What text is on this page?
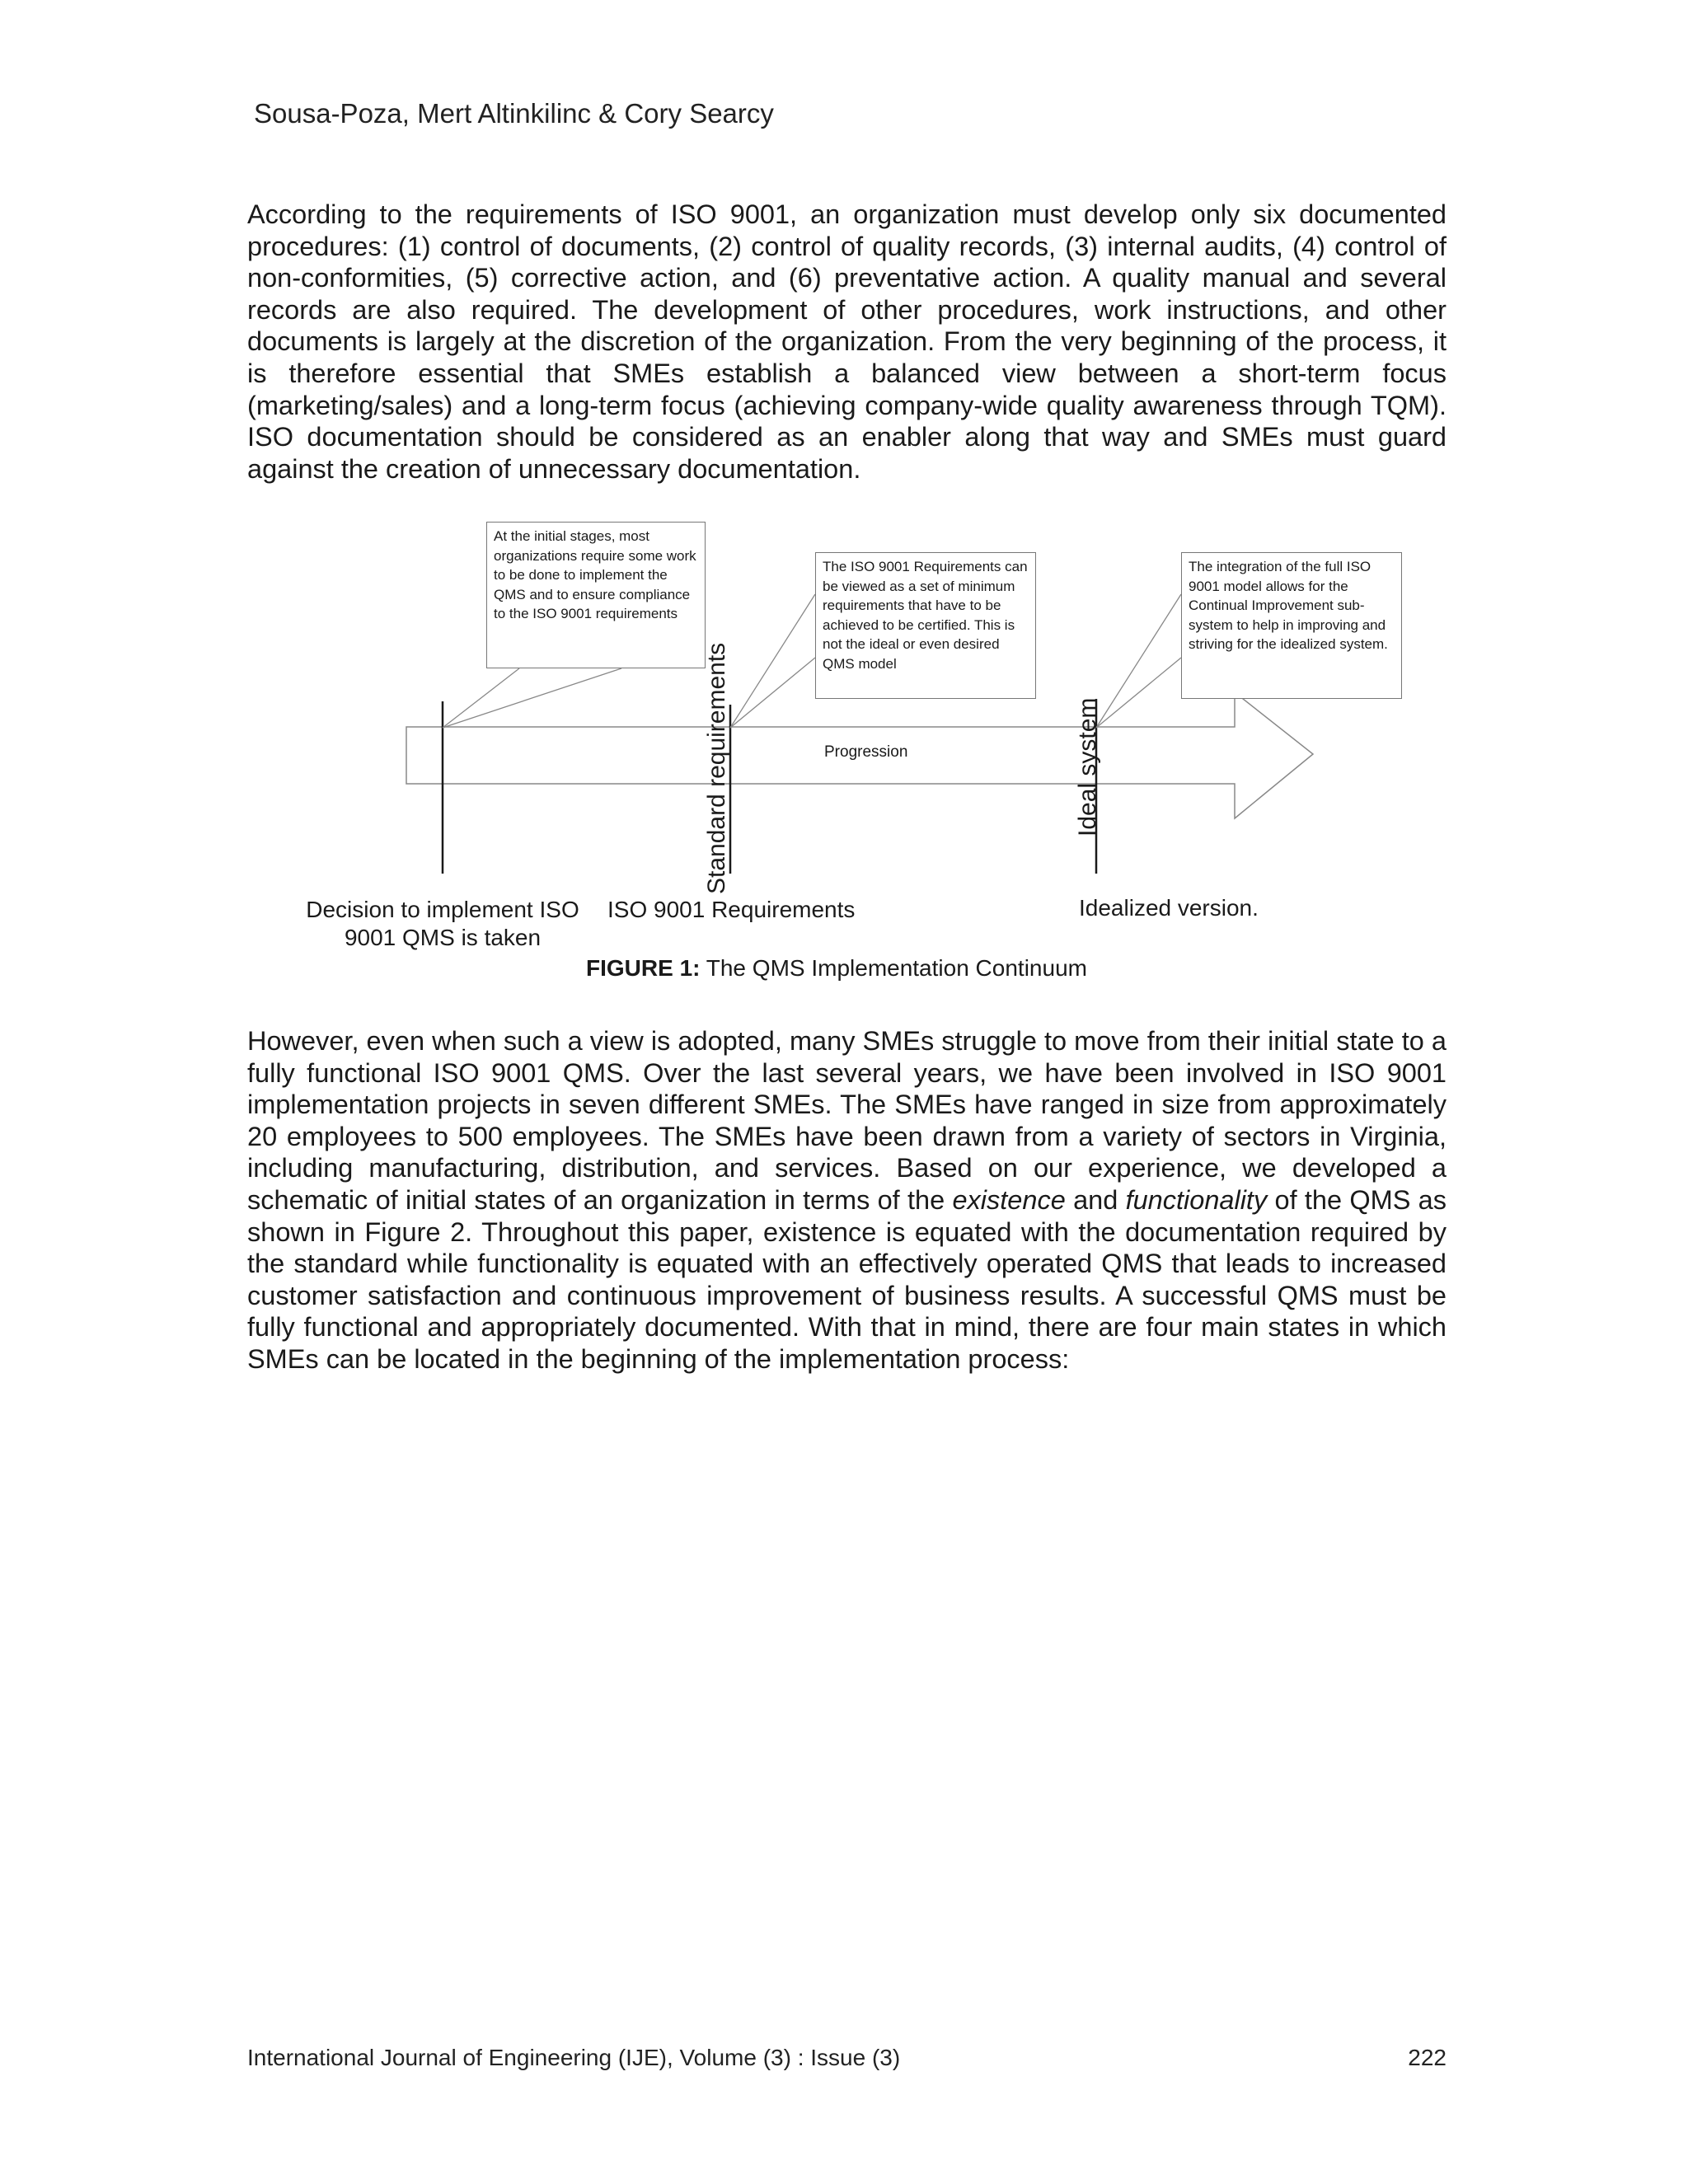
Sousa-Poza, Mert Altinkilinc & Cory Searcy

According to the requirements of ISO 9001, an organization must develop only six documented procedures: (1) control of documents, (2) control of quality records, (3) internal audits, (4) control of non-conformities, (5) corrective action, and (6) preventative action. A quality manual and several records are also required. The development of other procedures, work instructions, and other documents is largely at the discretion of the organization. From the very beginning of the process, it is therefore essential that SMEs establish a balanced view between a short-term focus (marketing/sales) and a long-term focus (achieving company-wide quality awareness through TQM). ISO documentation should be considered as an enabler along that way and SMEs must guard against the creation of unnecessary documentation.

At the initial stages, most organizations require some work to be done to implement the QMS and to ensure compliance to the ISO 9001 requirements
The ISO 9001 Requirements can be viewed as a set of minimum requirements that have to be achieved to be certified. This is not the ideal or even desired QMS model
The integration of the full ISO 9001 model allows for the Continual Improvement sub-system to help in improving and striving for the idealized system.
Progression
Standard requirements	Ideal system
Decision to implement ISO
9001 QMS is taken
ISO 9001 Requirements	Idealized version.
FIGURE 1: The QMS Implementation Continuum

However, even when such a view is adopted, many SMEs struggle to move from their initial state to a fully functional ISO 9001 QMS. Over the last several years, we have been involved in ISO 9001 implementation projects in seven different SMEs. The SMEs have ranged in size from approximately 20 employees to 500 employees. The SMEs have been drawn from a variety of sectors in Virginia, including manufacturing, distribution, and services. Based on our experience, we developed a schematic of initial states of an organization in terms of the existence and functionality of the QMS as shown in Figure 2. Throughout this paper, existence is equated with the documentation required by the standard while functionality is equated with an effectively operated QMS that leads to increased customer satisfaction and continuous improvement of business results. A successful QMS must be fully functional and appropriately documented. With that in mind, there are four main states in which SMEs can be located in the beginning of the implementation process:

International Journal of Engineering (IJE), Volume (3) : Issue (3)	222
